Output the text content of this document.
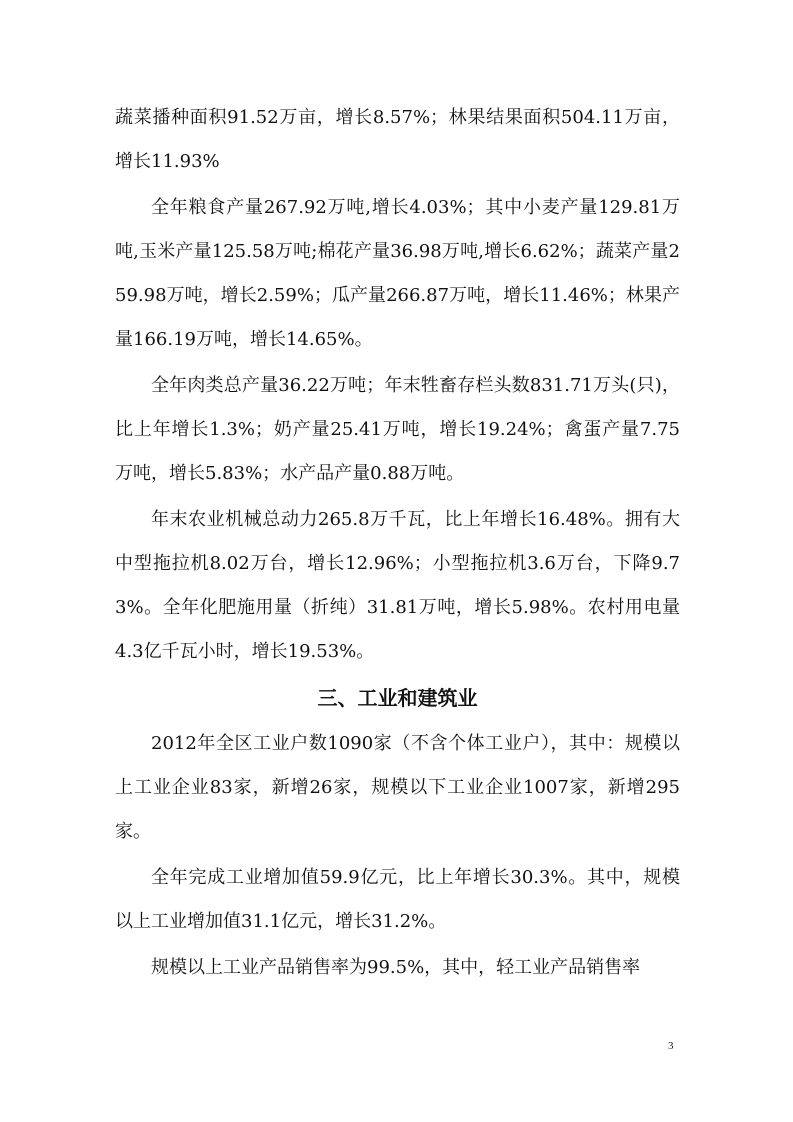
蔬菜播种面积91.52万亩，增长8.57%；林果结果面积504.11万亩，增长11.93%

全年粮食产量267.92万吨,增长4.03%；其中小麦产量129.81万吨,玉米产量125.58万吨;棉花产量36.98万吨,增长6.62%；蔬菜产量259.98万吨，增长2.59%；瓜产量266.87万吨，增长11.46%；林果产量166.19万吨，增长14.65%。

全年肉类总产量36.22万吨；年末牲畜存栏头数831.71万头(只)，比上年增长1.3%；奶产量25.41万吨，增长19.24%；禽蛋产量7.75万吨，增长5.83%；水产品产量0.88万吨。

年末农业机械总动力265.8万千瓦，比上年增长16.48%。拥有大中型拖拉机8.02万台，增长12.96%；小型拖拉机3.6万台，下降9.73%。全年化肥施用量（折纯）31.81万吨，增长5.98%。农村用电量4.3亿千瓦小时，增长19.53%。

三、工业和建筑业

2012年全区工业户数1090家（不含个体工业户），其中：规模以上工业企业83家，新增26家，规模以下工业企业1007家，新增295家。

全年完成工业增加值59.9亿元，比上年增长30.3%。其中，规模以上工业增加值31.1亿元，增长31.2%。

规模以上工业产品销售率为99.5%，其中，轻工业产品销售率

3
